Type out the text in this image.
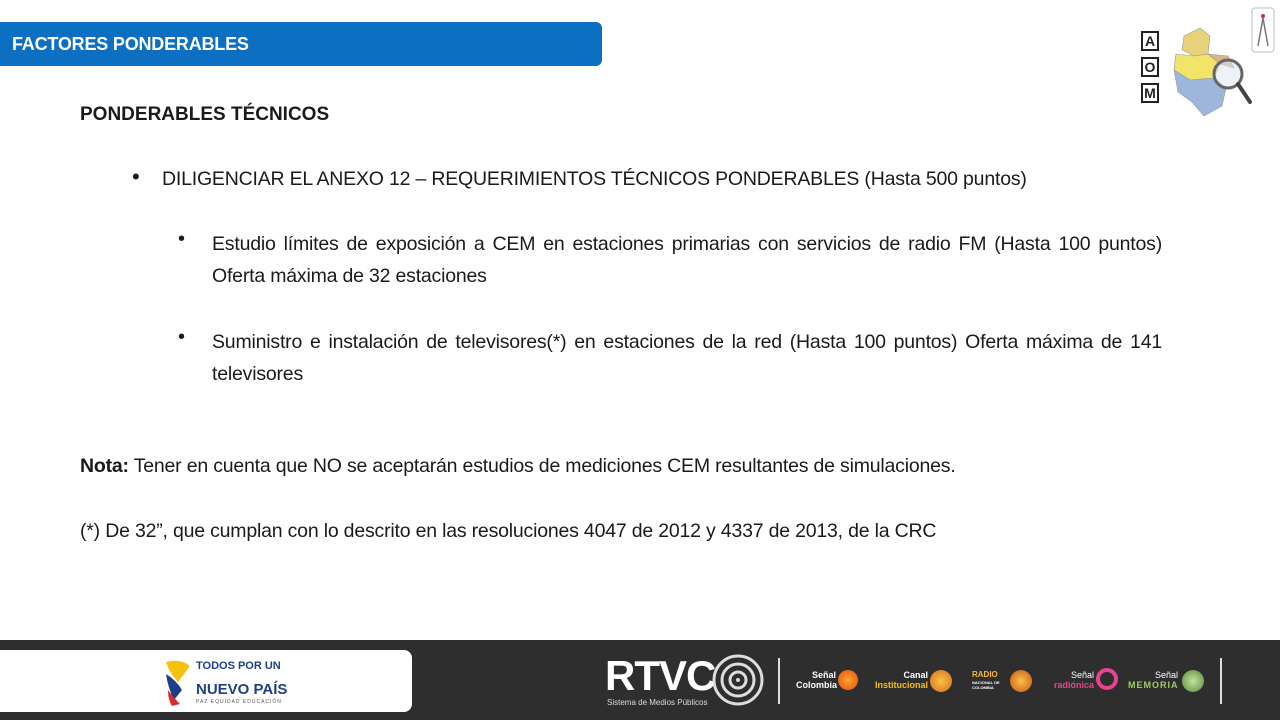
FACTORES PONDERABLES	A
O
M
PONDERABLES TÉCNICOS
• DILIGENCIAR EL ANEXO 12 – REQUERIMIENTOS TÉCNICOS PONDERABLES (Hasta 500 puntos)
• Estudio límites de exposición a CEM en estaciones primarias con servicios de radio FM (Hasta 100 puntos) Oferta máxima de 32 estaciones
• Suministro e instalación de televisores(*) en estaciones de la red (Hasta 100 puntos) Oferta máxima de 141 televisores
Nota: Tener en cuenta que NO se aceptarán estudios de mediciones CEM resultantes de simulaciones.
(*) De 32”, que cumplan con lo descrito en las resoluciones 4047 de 2012 y 4337 de 2013, de la CRC
TODOS POR UN
NUEVO PAÍS
PAZ EQUIDAD EDUCACIÓN
RTVC
Sistema de Medios Públicos
Señal
Colombia
Canal
Institucional
RADIO
NACIONAL DE COLOMBIA
Señal
radiónica
Señal
MEMORIA
